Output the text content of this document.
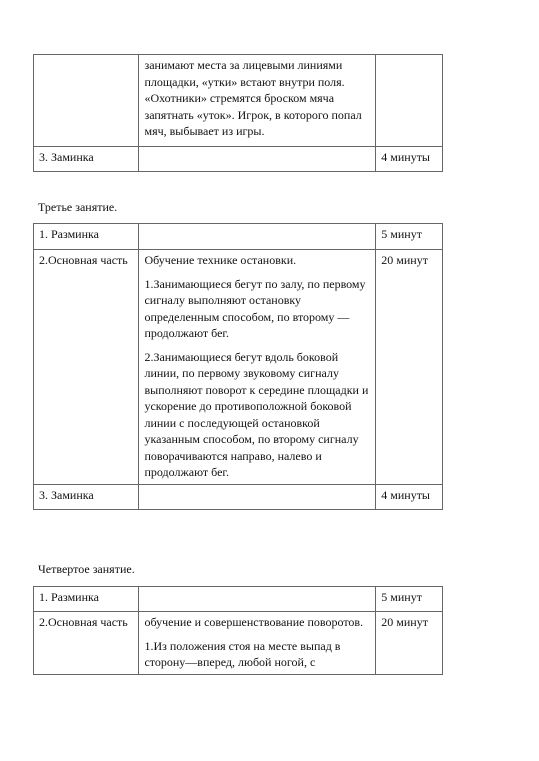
	занимают места за лицевыми линиями площадки, «утки» встают внутри поля. «Охотники» стремятся броском мяча запятнать «уток». Игрок, в которого попал мяч, выбывает из игры.	

3. Заминка		4 минуты
Третье занятие.
1. Разминка		5 минут
2.Основная часть	Обучение технике остановки.

1.Занимающиеся бегут по залу, по первому сигналу выполняют остановку определенным способом, по второму — продолжают бег.

2.Занимающиеся бегут вдоль боковой линии, по первому звуковому сигналу выполняют поворот к середине площадки и ускорение до противоположной боковой линии с последующей остановкой указанным способом, по второму сигналу поворачиваются направо, налево и продолжают бег.	20 минут
3. Заминка		4 минуты
Четвертое занятие.
1. Разминка		5 минут
2.Основная часть	обучение и совершенствование поворотов.

1.Из положения стоя на месте выпад в сторону—вперед, любой ногой, с	20 минут
